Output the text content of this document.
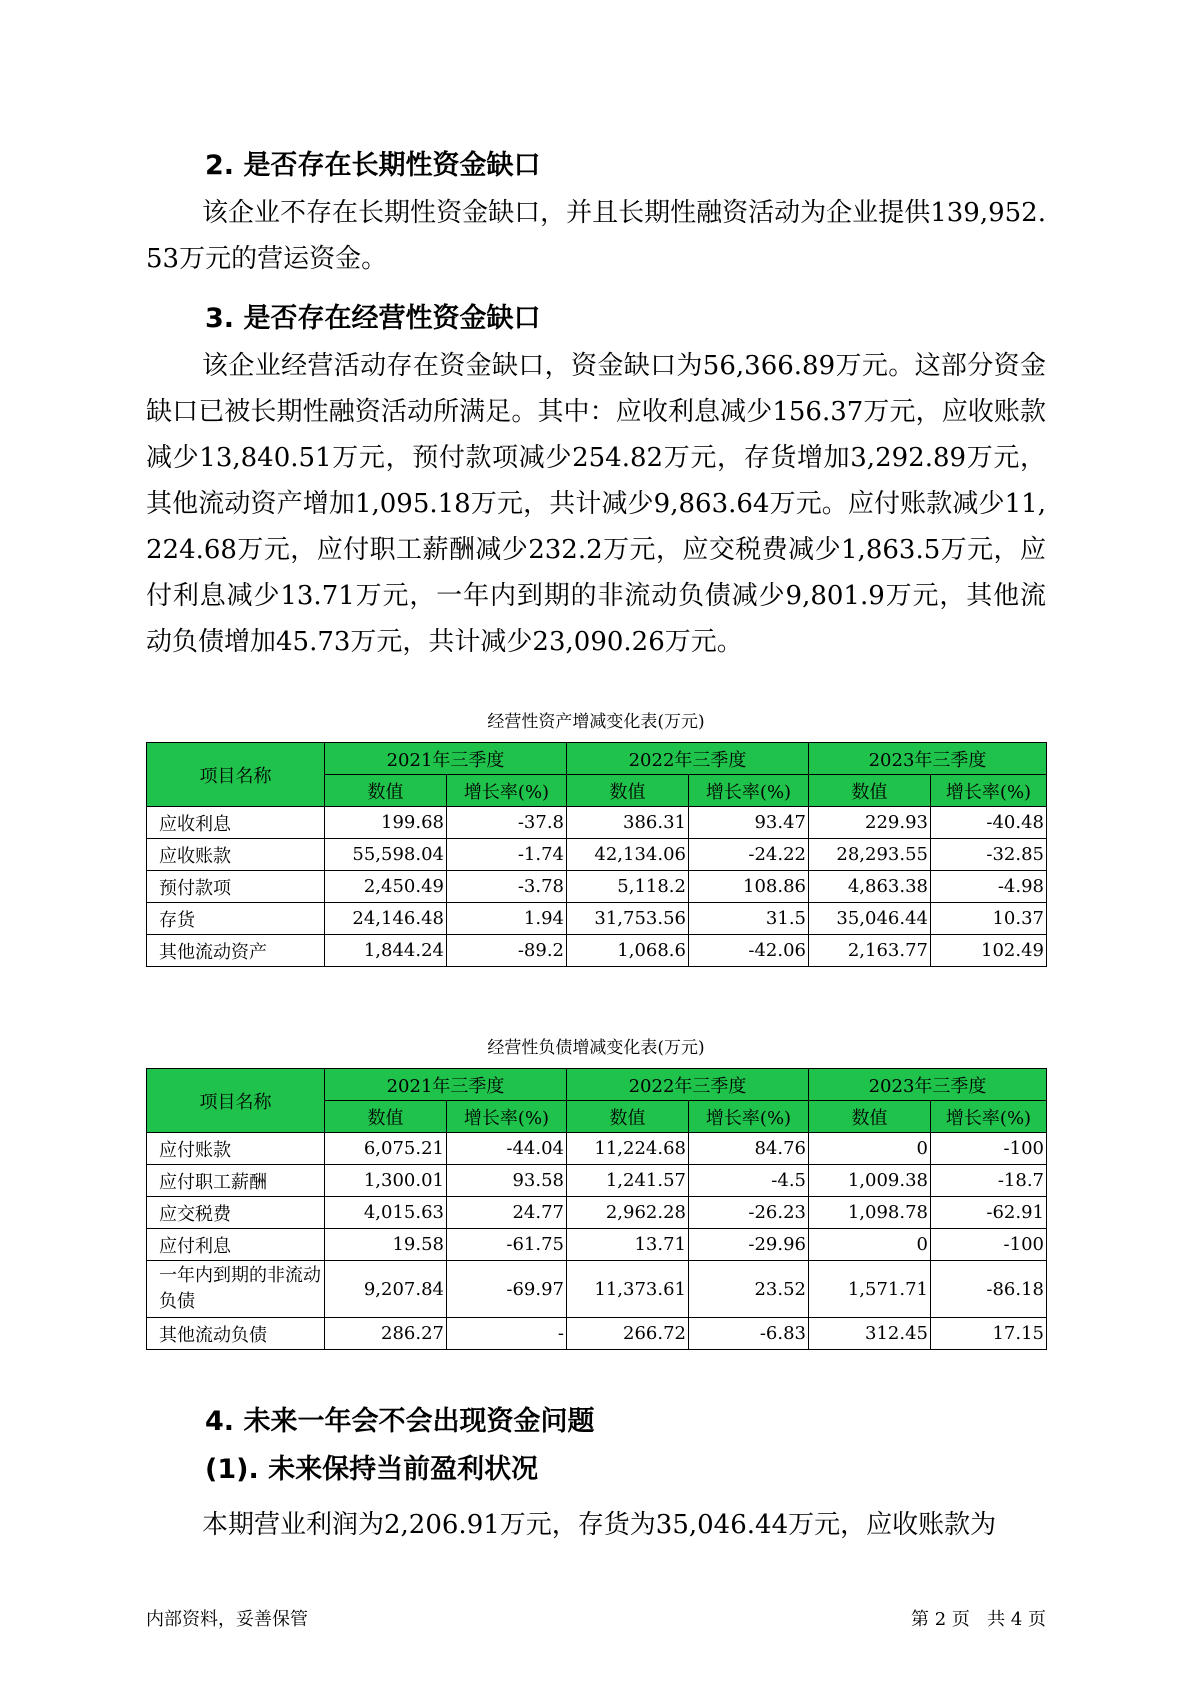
2. 是否存在长期性资金缺口

该企业不存在长期性资金缺口，并且长期性融资活动为企业提供139,952.53万元的营运资金。

3. 是否存在经营性资金缺口

该企业经营活动存在资金缺口，资金缺口为56,366.89万元。这部分资金缺口已被长期性融资活动所满足。其中：应收利息减少156.37万元，应收账款减少13,840.51万元，预付款项减少254.82万元，存货增加3,292.89万元，其他流动资产增加1,095.18万元，共计减少9,863.64万元。应付账款减少11,224.68万元，应付职工薪酬减少232.2万元，应交税费减少1,863.5万元，应付利息减少13.71万元，一年内到期的非流动负债减少9,801.9万元，其他流动负债增加45.73万元，共计减少23,090.26万元。

经营性资产增减变化表(万元)
项目名称	2021年三季度		2022年三季度		2023年三季度	
	数值	增长率(%)	数值	增长率(%)	数值	增长率(%)
应收利息	199.68	-37.8	386.31	93.47	229.93	-40.48
应收账款	55,598.04	-1.74	42,134.06	-24.22	28,293.55	-32.85
预付款项	2,450.49	-3.78	5,118.2	108.86	4,863.38	-4.98
存货	24,146.48	1.94	31,753.56	31.5	35,046.44	10.37
其他流动资产	1,844.24	-89.2	1,068.6	-42.06	2,163.77	102.49
经营性负债增减变化表(万元)
项目名称	2021年三季度		2022年三季度		2023年三季度	
	数值	增长率(%)	数值	增长率(%)	数值	增长率(%)
应付账款	6,075.21	-44.04	11,224.68	84.76	0	-100
应付职工薪酬	1,300.01	93.58	1,241.57	-4.5	1,009.38	-18.7
应交税费	4,015.63	24.77	2,962.28	-26.23	1,098.78	-62.91
应付利息	19.58	-61.75	13.71	-29.96	0	-100
一年内到期的非流动负债	9,207.84	-69.97	11,373.61	23.52	1,571.71	-86.18
其他流动负债	286.27	-	266.72	-6.83	312.45	17.15
4. 未来一年会不会出现资金问题
(1). 未来保持当前盈利状况

本期营业利润为2,206.91万元，存货为35,046.44万元，应收账款为

内部资料，妥善保管	第 2 页   共 4 页
